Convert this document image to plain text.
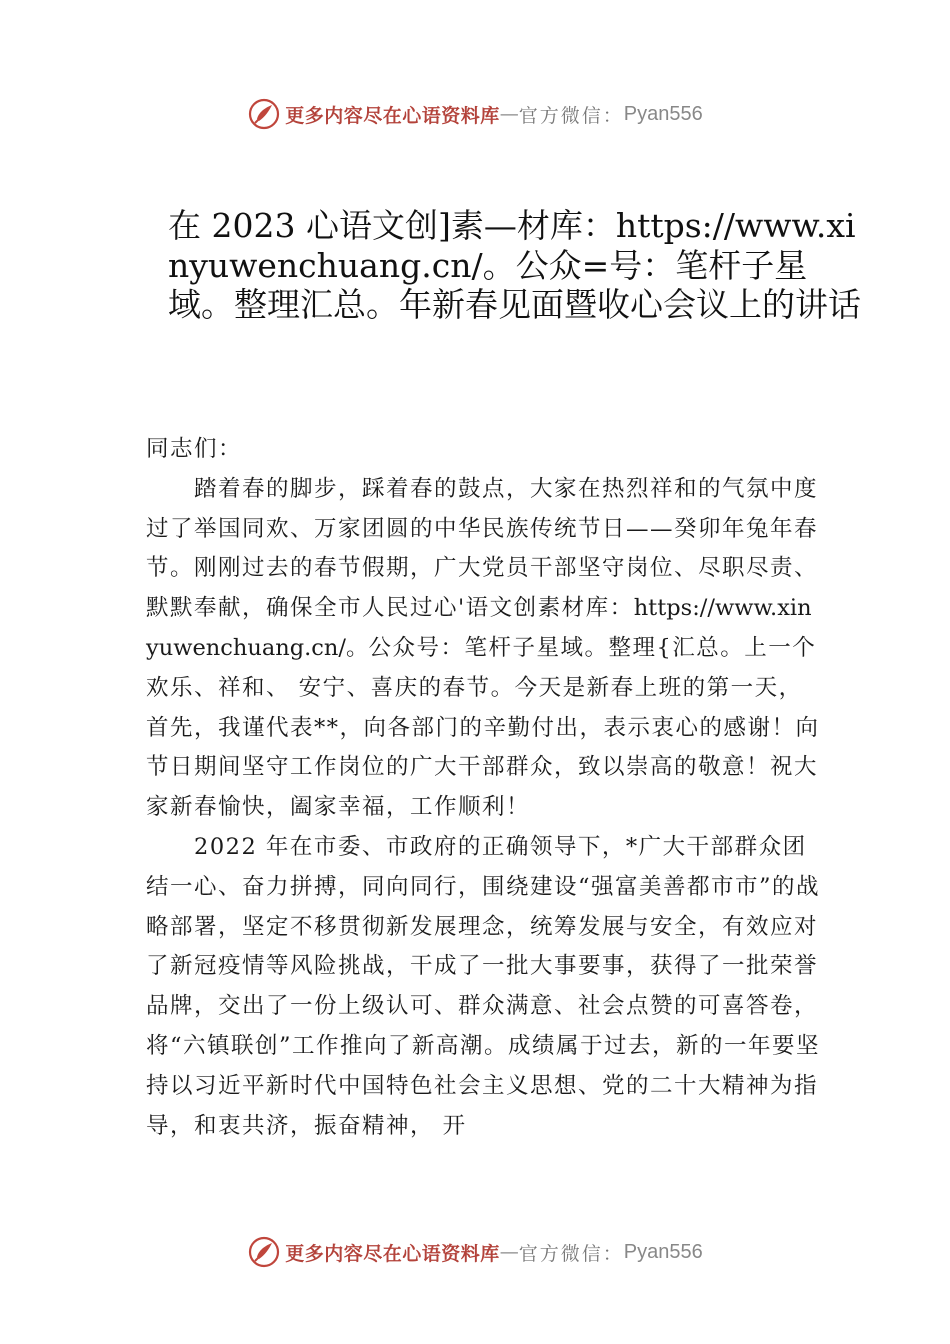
更多内容尽在心语资料库 — 官方微信： Pyan556
在 2023 心语文创]素—材库：https://www.xinyuwenchuang.cn/。公众=号：笔杆子星域。整理汇总。年新春见面暨收心会议上的讲话

同志们：

踏着春的脚步，踩着春的鼓点，大家在热烈祥和的气氛中度过了举国同欢、万家团圆的中华民族传统节日——癸卯年兔年春节。刚刚过去的春节假期，广大党员干部坚守岗位、尽职尽责、默默奉献，确保全市人民过心'语文创素材库：https://www.xinyuwenchuang.cn/。公众号：笔杆子星域。整理{汇总。上一个欢乐、祥和、 安宁、喜庆的春节。今天是新春上班的第一天，首先，我谨代表**，向各部门的辛勤付出，表示衷心的感谢！向节日期间坚守工作岗位的广大干部群众，致以崇高的敬意！祝大家新春愉快，阖家幸福，工作顺利！

2022 年在市委、市政府的正确领导下，*广大干部群众团结一心、奋力拼搏，同向同行，围绕建设“强富美善都市市”的战略部署，坚定不移贯彻新发展理念，统筹发展与安全，有效应对了新冠疫情等风险挑战，干成了一批大事要事，获得了一批荣誉品牌，交出了一份上级认可、群众满意、社会点赞的可喜答卷，将“六镇联创”工作推向了新高潮。成绩属于过去，新的一年要坚持以习近平新时代中国特色社会主义思想、党的二十大精神为指导，和衷共济，振奋精神， 开

更多内容尽在心语资料库 — 官方微信： Pyan556
